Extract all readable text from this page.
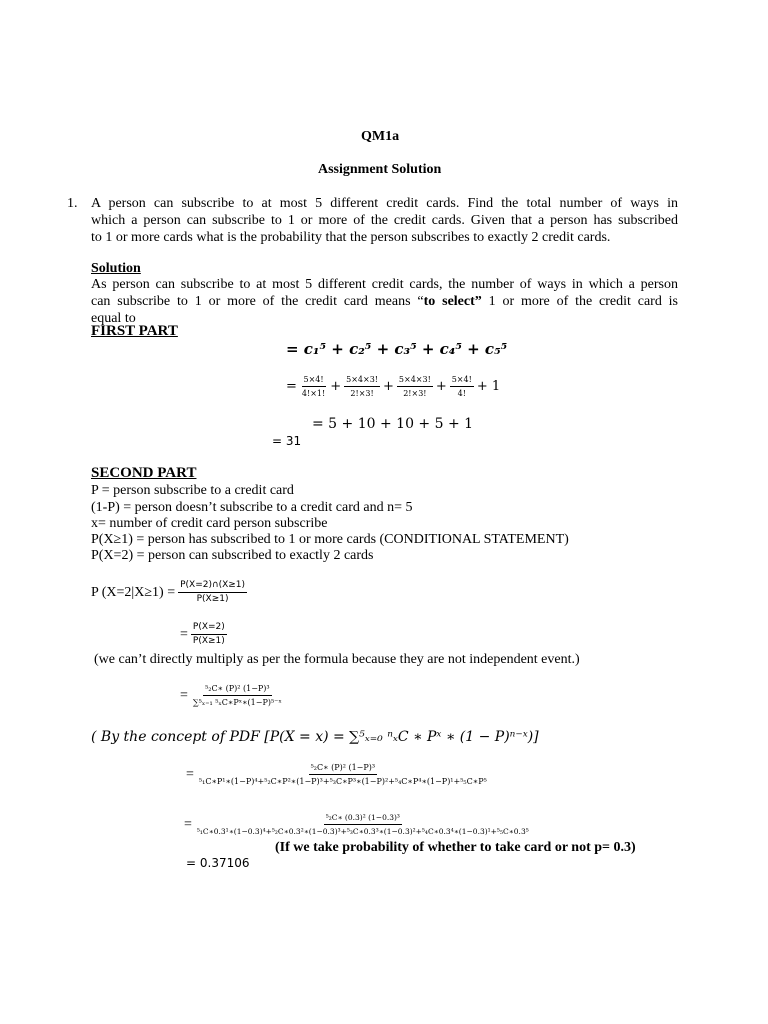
QM1a
Assignment Solution
1. A person can subscribe to at most 5 different credit cards. Find the total number of ways in
which a person can subscribe to 1 or more of the credit cards. Given that a person has subscribed
to 1 or more cards what is the probability that the person subscribes to exactly 2 credit cards.
Solution
As person can subscribe to at most 5 different credit cards, the number of ways in which a person
can subscribe to 1 or more of the credit card means “to select” 1 or more of the credit card is
equal to
FIRST PART
= c₁⁵ + c₂⁵ + c₃⁵ + c₄⁵ + c₅⁵
= $\frac{5\times 4!}{4!\times 1!} + \frac{5\times 4\times 3!}{2!\times 3!} + \frac{5\times 4\times 3!}{2!\times 3!} + \frac{5\times 4!}{4!} + 1$
= 5 + 10 + 10 + 5 + 1
= 31
SECOND PART
P = person subscribe to a credit card
(1-P) = person doesn’t subscribe to a credit card and n= 5
x= number of credit card person subscribe
P(X≥1) = person has subscribed to 1 or more cards (CONDITIONAL STATEMENT)
P(X=2) = person can subscribed to exactly 2 cards
P $(X=2|X\ge 1) = \frac{P(X=2)\cap(X\ge 1)}{P(X\ge 1)}$
= $\frac{P(X=2)}{P(X\ge 1)}$
(we can’t directly multiply as per the formula because they are not independent event.)
= $\frac{\text{⁵₂C∗ (P)² (1−P)³}}{\text{∑⁵ₓ₌₁ ⁵ₓC∗Pˣ∗(1−P)⁵⁻ˣ}}$
( By the concept of PDF [P(X = x) = ∑⁵ₓ₌₀ ⁿₓC ∗ Pˣ ∗ (1 − P)ⁿ⁻ˣ)]
=	⁵₂C∗ (P)² (1−P)³
⁵₁C∗P¹∗(1−P)⁴+⁵₂C∗P²∗(1−P)³+⁵₃C∗P³∗(1−P)²+⁵₄C∗P⁴∗(1−P)¹+⁵₅C∗P⁵
=	⁵₂C∗ (0.3)² (1−0.3)³
⁵₁C∗0.3¹∗(1−0.3)⁴+⁵₂C∗0.3²∗(1−0.3)³+⁵₃C∗0.3³∗(1−0.3)²+⁵₄C∗0.3⁴∗(1−0.3)¹+⁵₅C∗0.3⁵
(If we take probability of whether to take card or not p= 0.3)
= 0.37106
